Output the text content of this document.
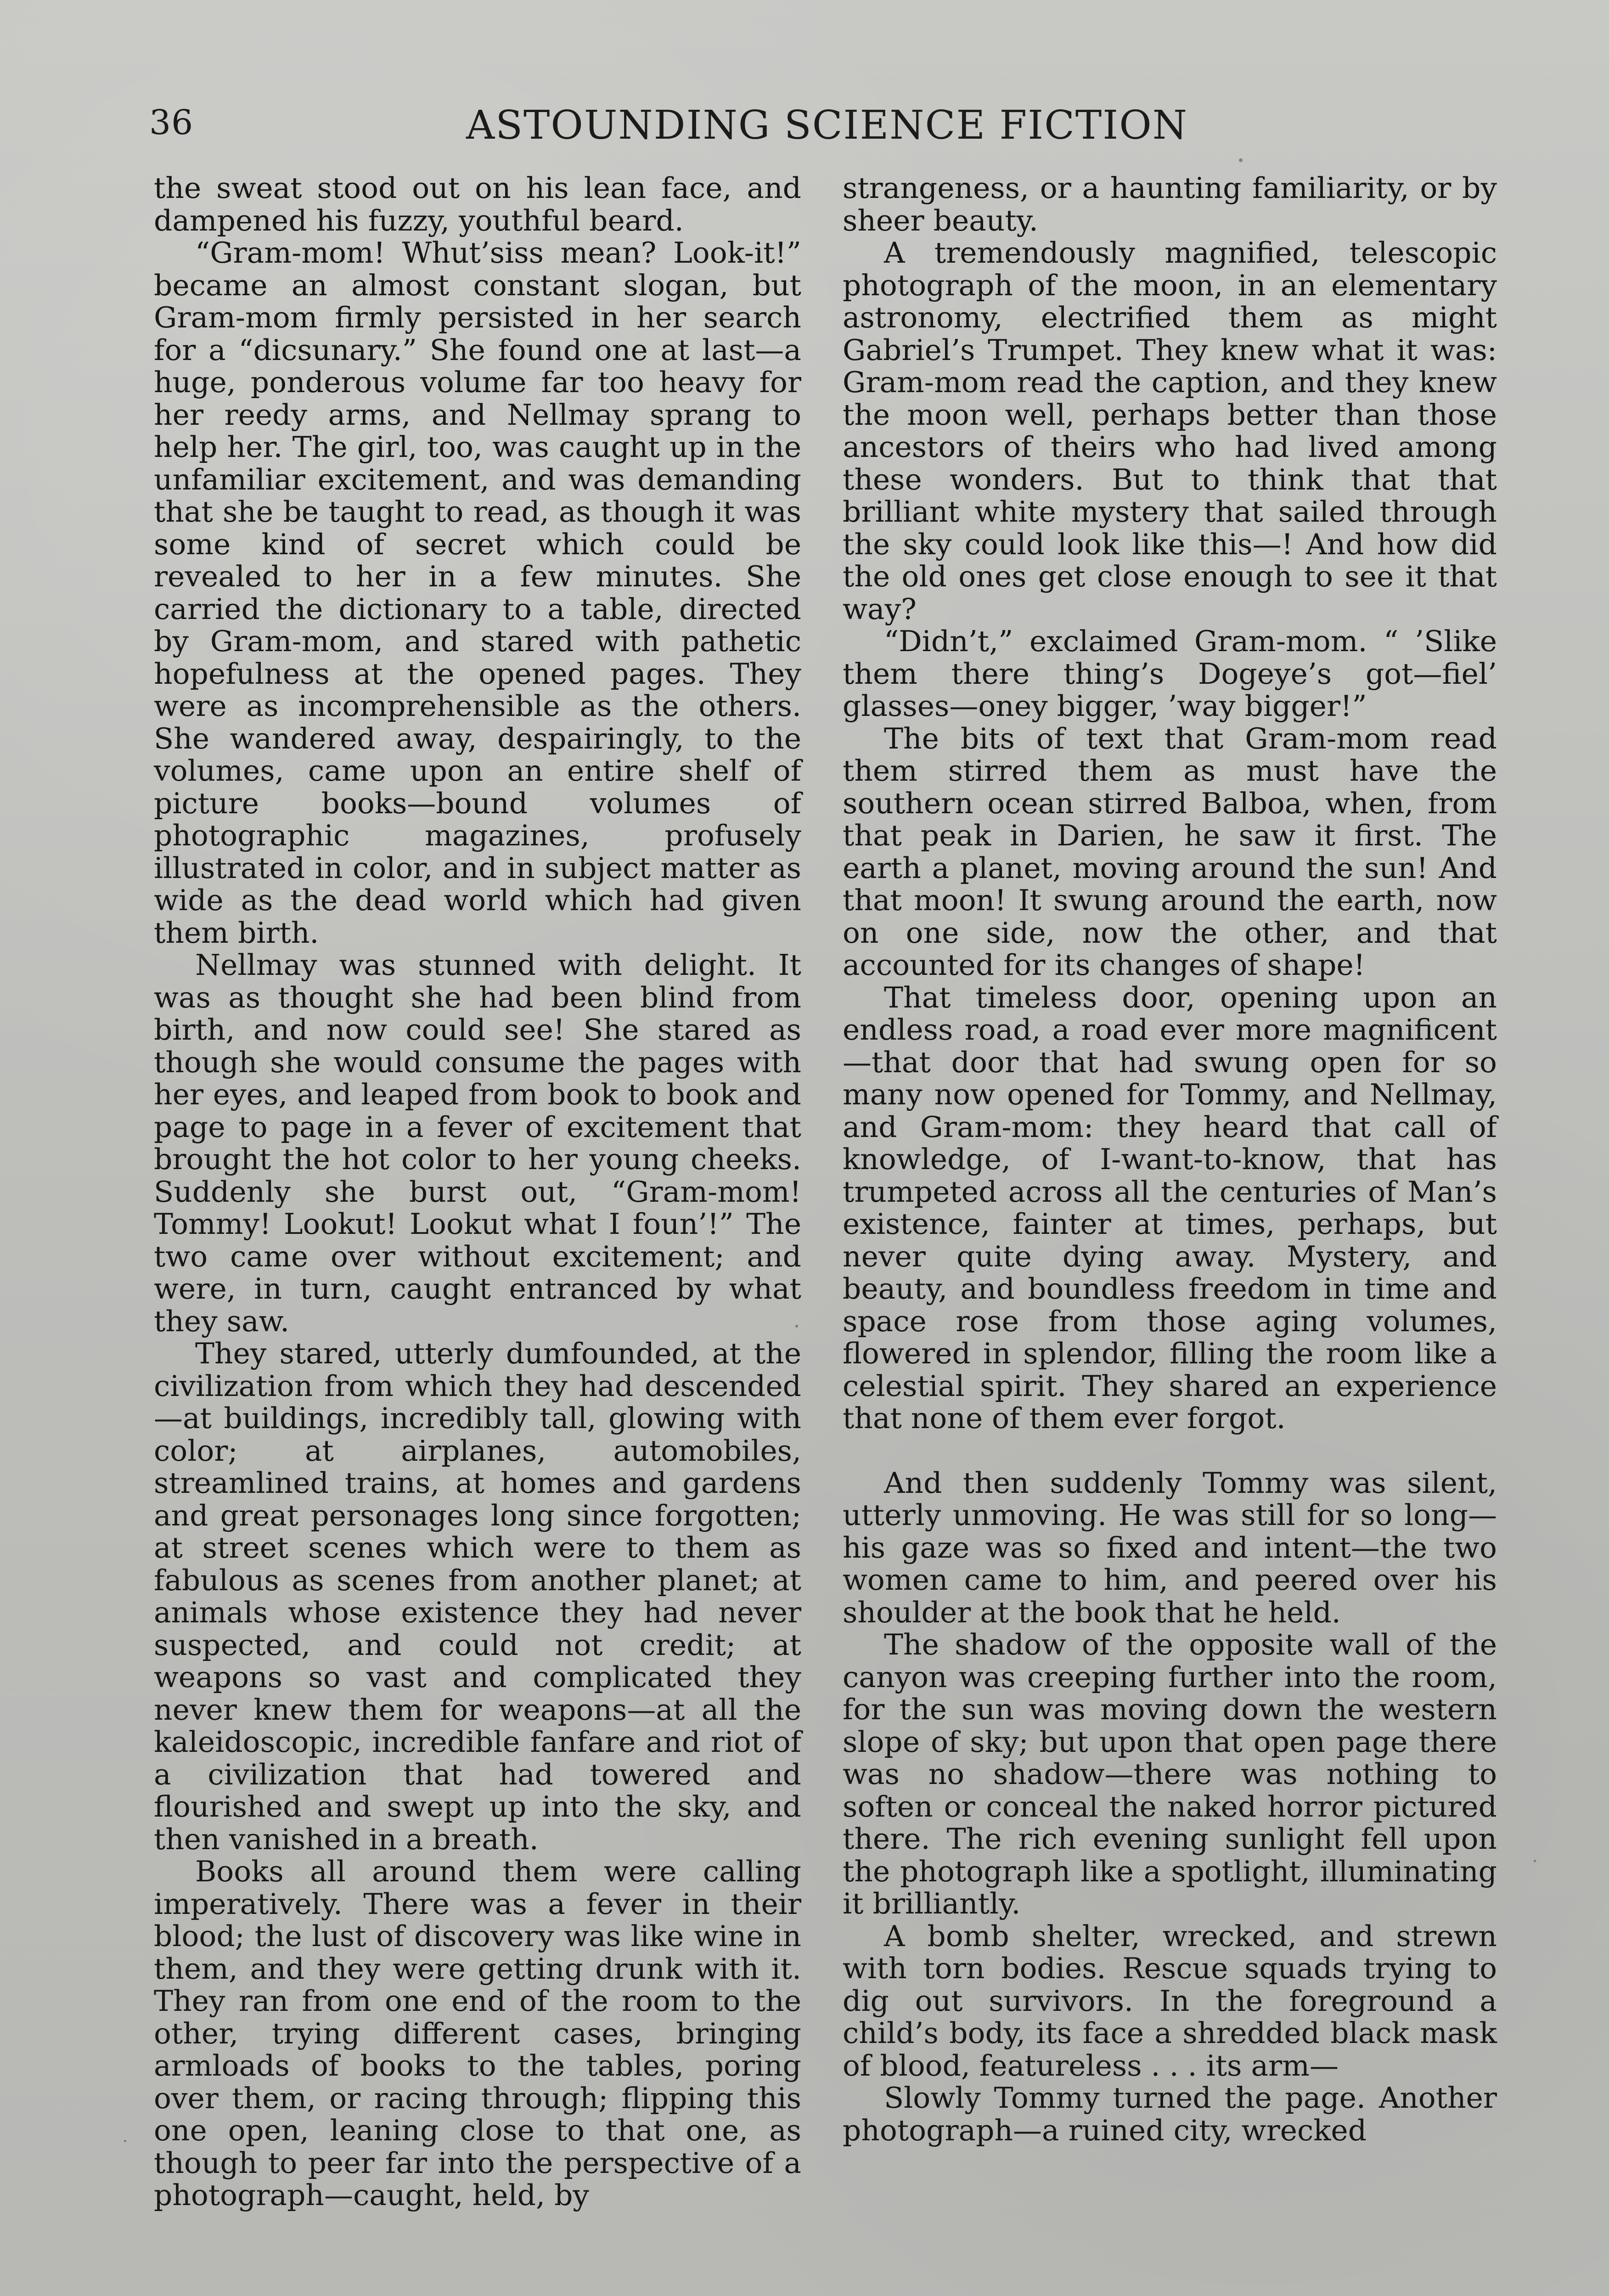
36	ASTOUNDING SCIENCE FICTION

the sweat stood out on his lean face, and dampened his fuzzy, youthful beard.

“Gram-mom! Whut’siss mean? Look-it!” became an almost constant slogan, but Gram-mom firmly persisted in her search for a “dicsunary.” She found one at last—a huge, ponderous volume far too heavy for her reedy arms, and Nellmay sprang to help her. The girl, too, was caught up in the unfamiliar excitement, and was demanding that she be taught to read, as though it was some kind of secret which could be revealed to her in a few minutes. She carried the dictionary to a table, directed by Gram-mom, and stared with pathetic hopefulness at the opened pages. They were as incomprehensible as the others. She wandered away, despairingly, to the volumes, came upon an entire shelf of picture books—bound volumes of photographic magazines, profusely illustrated in color, and in subject matter as wide as the dead world which had given them birth.

Nellmay was stunned with delight. It was as thought she had been blind from birth, and now could see! She stared as though she would consume the pages with her eyes, and leaped from book to book and page to page in a fever of excitement that brought the hot color to her young cheeks. Suddenly she burst out, “Gram-mom! Tommy! Lookut! Lookut what I foun’!” The two came over without excitement; and were, in turn, caught entranced by what they saw.

They stared, utterly dumfounded, at the civilization from which they had descended—at buildings, incredibly tall, glowing with color; at airplanes, automobiles, streamlined trains, at homes and gardens and great personages long since forgotten; at street scenes which were to them as fabulous as scenes from another planet; at animals whose existence they had never suspected, and could not credit; at weapons so vast and complicated they never knew them for weapons—at all the kaleidoscopic, incredible fanfare and riot of a civilization that had towered and flourished and swept up into the sky, and then vanished in a breath.

Books all around them were calling imperatively. There was a fever in their blood; the lust of discovery was like wine in them, and they were getting drunk with it. They ran from one end of the room to the other, trying different cases, bringing armloads of books to the tables, poring over them, or racing through; flipping this one open, leaning close to that one, as though to peer far into the perspective of a photograph—caught, held, by

strangeness, or a haunting familiarity, or by sheer beauty.

A tremendously magnified, telescopic photograph of the moon, in an elementary astronomy, electrified them as might Gabriel’s Trumpet. They knew what it was: Gram-mom read the caption, and they knew the moon well, perhaps better than those ancestors of theirs who had lived among these wonders. But to think that that brilliant white mystery that sailed through the sky could look like this—! And how did the old ones get close enough to see it that way?

“Didn’t,” exclaimed Gram-mom. “ ’Slike them there thing’s Dogeye’s got—fiel’ glasses—oney bigger, ’way bigger!”

The bits of text that Gram-mom read them stirred them as must have the southern ocean stirred Balboa, when, from that peak in Darien, he saw it first. The earth a planet, moving around the sun! And that moon! It swung around the earth, now on one side, now the other, and that accounted for its changes of shape!

That timeless door, opening upon an endless road, a road ever more magnificent—that door that had swung open for so many now opened for Tommy, and Nellmay, and Gram-mom: they heard that call of knowledge, of I-want-to-know, that has trumpeted across all the centuries of Man’s existence, fainter at times, perhaps, but never quite dying away. Mystery, and beauty, and boundless freedom in time and space rose from those aging volumes, flowered in splendor, filling the room like a celestial spirit. They shared an experience that none of them ever forgot.

And then suddenly Tommy was silent, utterly unmoving. He was still for so long—his gaze was so fixed and intent—the two women came to him, and peered over his shoulder at the book that he held.

The shadow of the opposite wall of the canyon was creeping further into the room, for the sun was moving down the western slope of sky; but upon that open page there was no shadow—there was nothing to soften or conceal the naked horror pictured there. The rich evening sunlight fell upon the photograph like a spotlight, illuminating it brilliantly.

A bomb shelter, wrecked, and strewn with torn bodies. Rescue squads trying to dig out survivors. In the foreground a child’s body, its face a shredded black mask of blood, featureless . . . its arm—

Slowly Tommy turned the page. Another photograph—a ruined city, wrecked
